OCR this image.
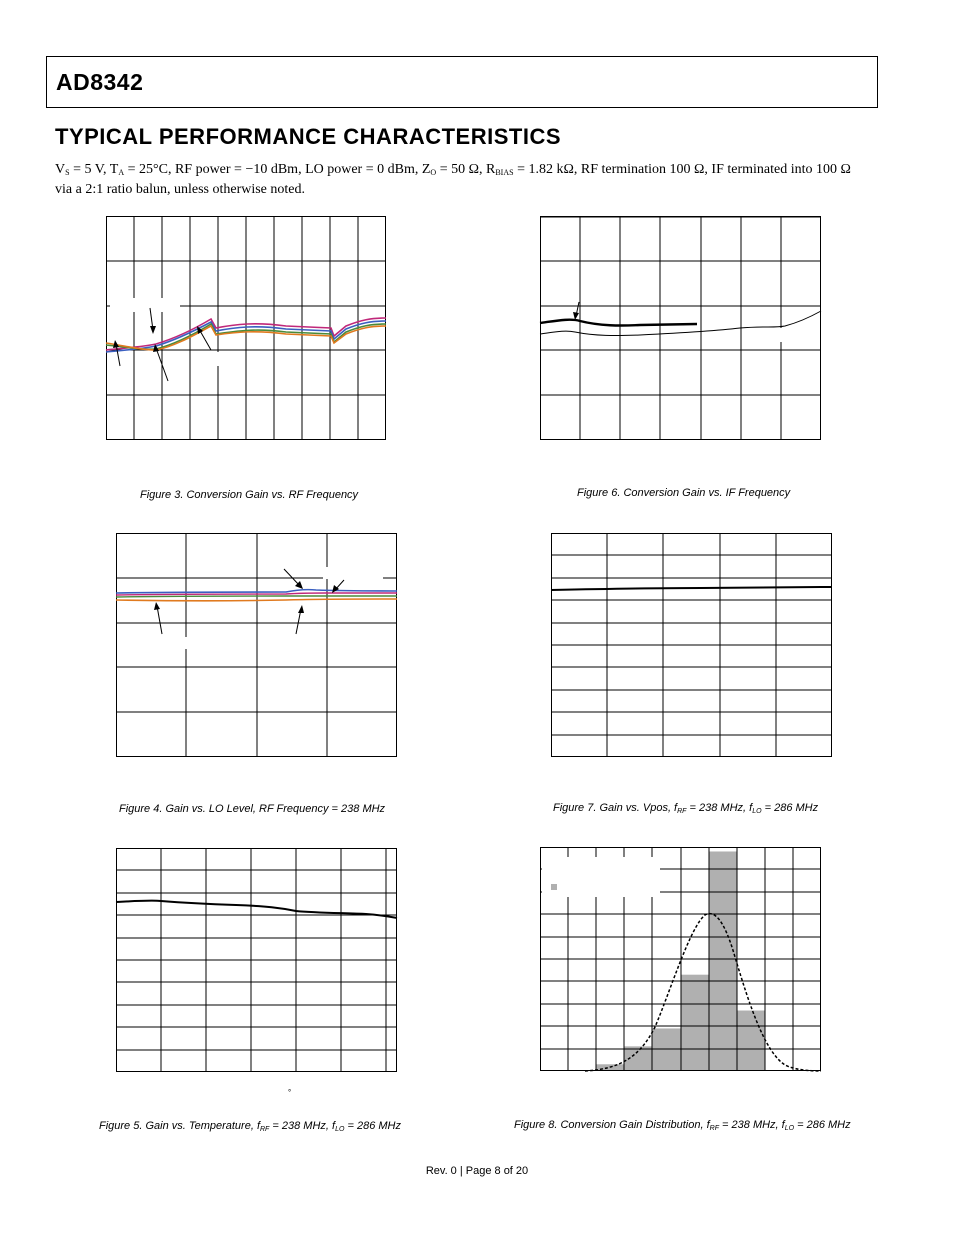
AD8342
TYPICAL PERFORMANCE CHARACTERISTICS
$V_S = 5$ V, $T_A = 25^\circ C$, RF power = −10 dBm, LO power = 0 dBm, $Z_O = 50$ Ω, $R_{BIAS} = 1.82$ kΩ, RF termination 100 Ω, IF terminated into 100 Ω via a 2:1 ratio balun, unless otherwise noted.
Figure 3. Conversion Gain vs. RF Frequency	Figure 6. Conversion Gain vs. IF Frequency
Figure 4. Gain vs. LO Level, RF Frequency = 238 MHz	Figure 7. Gain vs. Vpos, $f_{RF} = 238$ MHz, $f_{LO} = 286$ MHz
°
Figure 5. Gain vs. Temperature, $f_{RF} = 238$ MHz, $f_{LO} = 286$ MHz	Figure 8. Conversion Gain Distribution, $f_{RF} = 238$ MHz, $f_{LO} = 286$ MHz
Rev. 0 | Page 8 of 20
